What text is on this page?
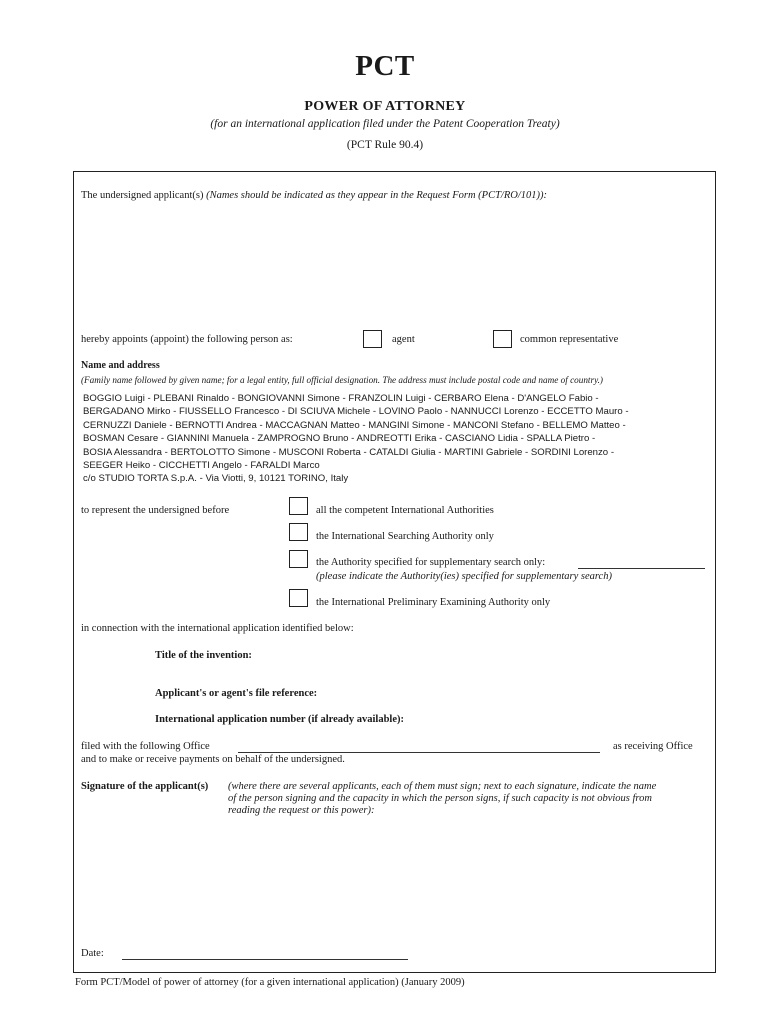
PCT
POWER OF ATTORNEY
(for an international application filed under the Patent Cooperation Treaty)
(PCT Rule 90.4)
The undersigned applicant(s) (Names should be indicated as they appear in the Request Form (PCT/RO/101)):
hereby appoints (appoint) the following person as:	agent	common representative
Name and address
(Family name followed by given name; for a legal entity, full official designation. The address must include postal code and name of country.)
BOGGIO Luigi - PLEBANI Rinaldo - BONGIOVANNI Simone - FRANZOLIN Luigi - CERBARO Elena - D'ANGELO Fabio -
BERGADANO Mirko - FIUSSELLO Francesco - DI SCIUVA Michele - LOVINO Paolo - NANNUCCI Lorenzo - ECCETTO Mauro -
CERNUZZI Daniele - BERNOTTI Andrea - MACCAGNAN Matteo - MANGINI Simone - MANCONI Stefano - BELLEMO Matteo -
BOSMAN Cesare - GIANNINI Manuela - ZAMPROGNO Bruno - ANDREOTTI Erika - CASCIANO Lidia - SPALLA Pietro -
BOSIA Alessandra - BERTOLOTTO Simone - MUSCONI Roberta - CATALDI Giulia - MARTINI Gabriele - SORDINI Lorenzo -
SEEGER Heiko - CICCHETTI Angelo - FARALDI Marco
c/o STUDIO TORTA S.p.A. - Via Viotti, 9, 10121 TORINO, Italy
to represent the undersigned before	all the competent International Authorities
the International Searching Authority only
the Authority specified for supplementary search only:
(please indicate the Authority(ies) specified for supplementary search)
the International Preliminary Examining Authority only
in connection with the international application identified below:
Title of the invention:
Applicant's or agent's file reference:
International application number (if already available):
filed with the following Office	as receiving Office
and to make or receive payments on behalf of the undersigned.
Signature of the applicant(s) (where there are several applicants, each of them must sign; next to each signature, indicate the name
of the person signing and the capacity in which the person signs, if such capacity is not obvious from
reading the request or this power):
Date:
Form PCT/Model of power of attorney (for a given international application) (January 2009)
